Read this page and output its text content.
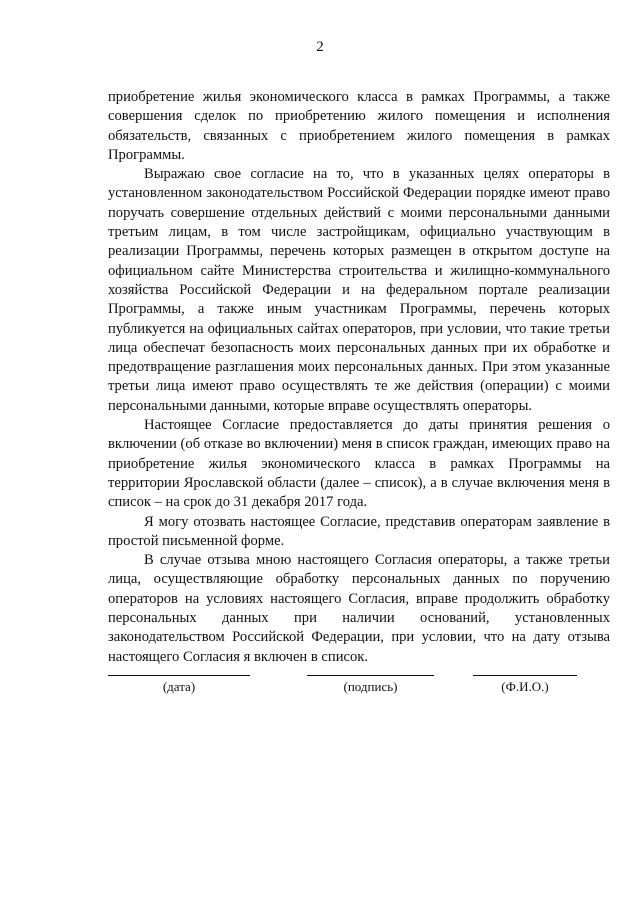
2

приобретение жилья экономического класса в рамках Программы, а также совершения сделок по приобретению жилого помещения и исполнения обязательств, связанных с приобретением жилого помещения в рамках Программы.

Выражаю свое согласие на то, что в указанных целях операторы в установленном законодательством Российской Федерации порядке имеют право поручать совершение отдельных действий с моими персональными данными третьим лицам, в том числе застройщикам, официально участвующим в реализации Программы, перечень которых размещен в открытом доступе на официальном сайте Министерства строительства и жилищно-коммунального хозяйства Российской Федерации и на федеральном портале реализации Программы, а также иным участникам Программы, перечень которых публикуется на официальных сайтах операторов, при условии, что такие третьи лица обеспечат безопасность моих персональных данных при их обработке и предотвращение разглашения моих персональных данных. При этом указанные третьи лица имеют право осуществлять те же действия (операции) с моими персональными данными, которые вправе осуществлять операторы.

Настоящее Согласие предоставляется до даты принятия решения о включении (об отказе во включении) меня в список граждан, имеющих право на приобретение жилья экономического класса в рамках Программы на территории Ярославской области (далее – список), а в случае включения меня в список – на срок до 31 декабря 2017 года.

Я могу отозвать настоящее Согласие, представив операторам заявление в простой письменной форме.

В случае отзыва мною настоящего Согласия операторы, а также третьи лица, осуществляющие обработку персональных данных по поручению операторов на условиях настоящего Согласия, вправе продолжить обработку персональных данных при наличии оснований, установленных законодательством Российской Федерации, при условии, что на дату отзыва настоящего Согласия я включен в список.

(дата)	(подпись)	(Ф.И.О.)
